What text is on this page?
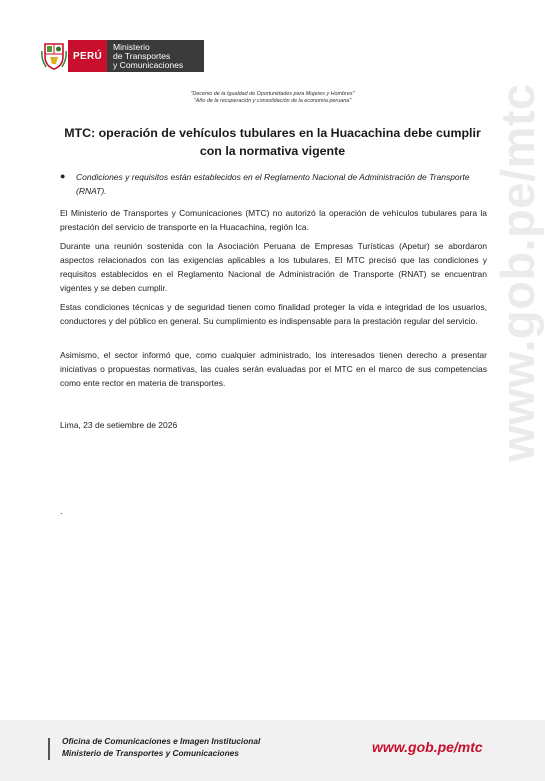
www.gob.pe/mtc
PERÚ
Ministerio
de Transportes
y Comunicaciones
"Decenio de la Igualdad de Oportunidades para Mujeres y Hombres"
"Año de la recuperación y consolidación de la economía peruana"
MTC: operación de vehículos tubulares en la Huacachina debe cumplir con la normativa vigente
●	Condiciones y requisitos están establecidos en el Reglamento Nacional de Administración de Transporte (RNAT).

El Ministerio de Transportes y Comunicaciones (MTC) no autorizó la operación de vehículos tubulares para la prestación del servicio de transporte en la Huacachina, región Ica.

Durante una reunión sostenida con la Asociación Peruana de Empresas Turísticas (Apetur) se abordaron aspectos relacionados con las exigencias aplicables a los tubulares. El MTC precisó que las condiciones y requisitos establecidos en el Reglamento Nacional de Administración de Transporte (RNAT) se encuentran vigentes y se deben cumplir.

Estas condiciones técnicas y de seguridad tienen como finalidad proteger la vida e integridad de los usuarios, conductores y del público en general. Su cumplimiento es indispensable para la prestación regular del servicio.

Asimismo, el sector informó que, como cualquier administrado, los interesados tienen derecho a presentar iniciativas o propuestas normativas, las cuales serán evaluadas por el MTC en el marco de sus competencias como ente rector en materia de transportes.

Lima, 23 de setiembre de 2026
.
Oficina de Comunicaciones e Imagen Institucional
Ministerio de Transportes y Comunicaciones	www.gob.pe/mtc
